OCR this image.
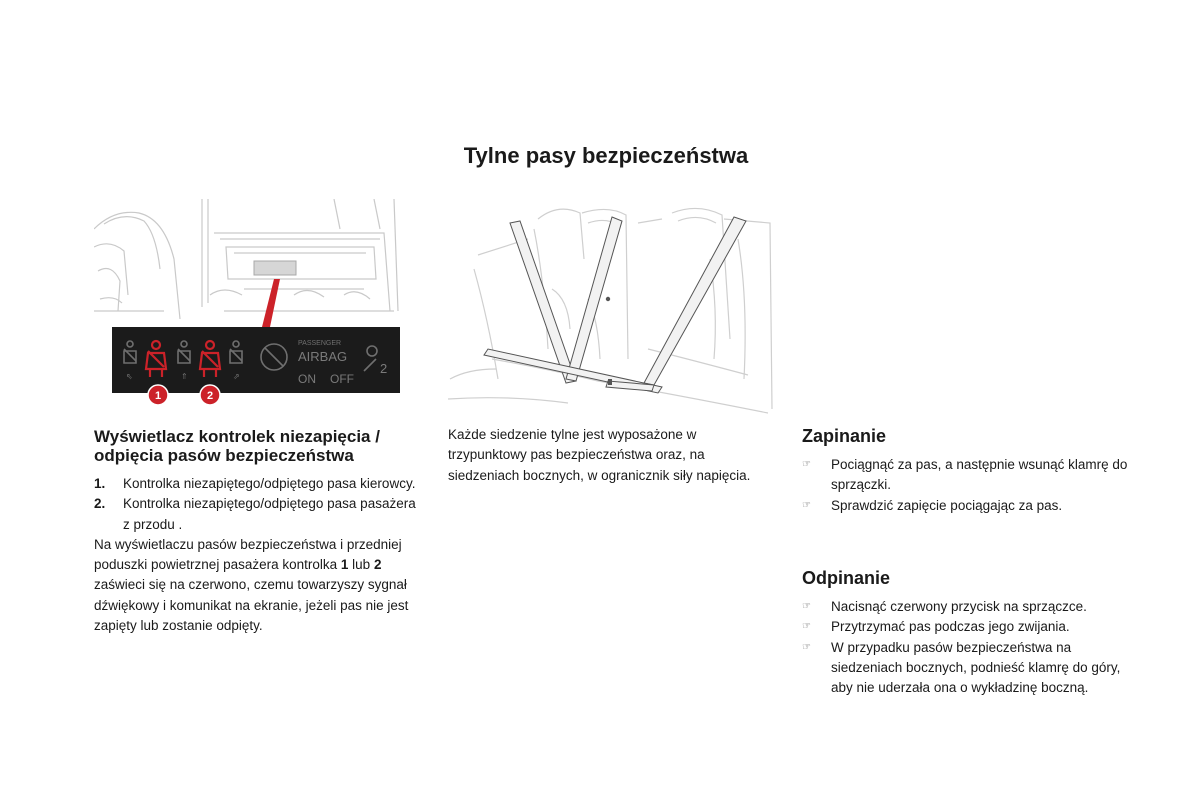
Tylne pasy bezpieczeństwa
⇖	⇑	⇗
PASSENGER
AIRBAG
ON OFF
2
1	2
Wyświetlacz kontrolek niezapięcia / odpięcia pasów bezpieczeństwa
1. Kontrolka niezapiętego/odpiętego pasa kierowcy.
2. Kontrolka niezapiętego/odpiętego pasa pasażera z przodu .
Na wyświetlaczu pasów bezpieczeństwa i przedniej poduszki powietrznej pasażera kontrolka 1 lub 2 zaświeci się na czerwono, czemu towarzyszy sygnał dźwiękowy i komunikat na ekranie, jeżeli pas nie jest zapięty lub zostanie odpięty.
Każde siedzenie tylne jest wyposażone w trzypunktowy pas bezpieczeństwa oraz, na siedzeniach bocznych, w ogranicznik siły napięcia.
Zapinanie
☞ Pociągnąć za pas, a następnie wsunąć klamrę do sprzączki.
☞ Sprawdzić zapięcie pociągając za pas.
Odpinanie
☞ Nacisnąć czerwony przycisk na sprzączce.
☞ Przytrzymać pas podczas jego zwijania.
☞ W przypadku pasów bezpieczeństwa na siedzeniach bocznych, podnieść klamrę do góry, aby nie uderzała ona o wykładzinę boczną.
